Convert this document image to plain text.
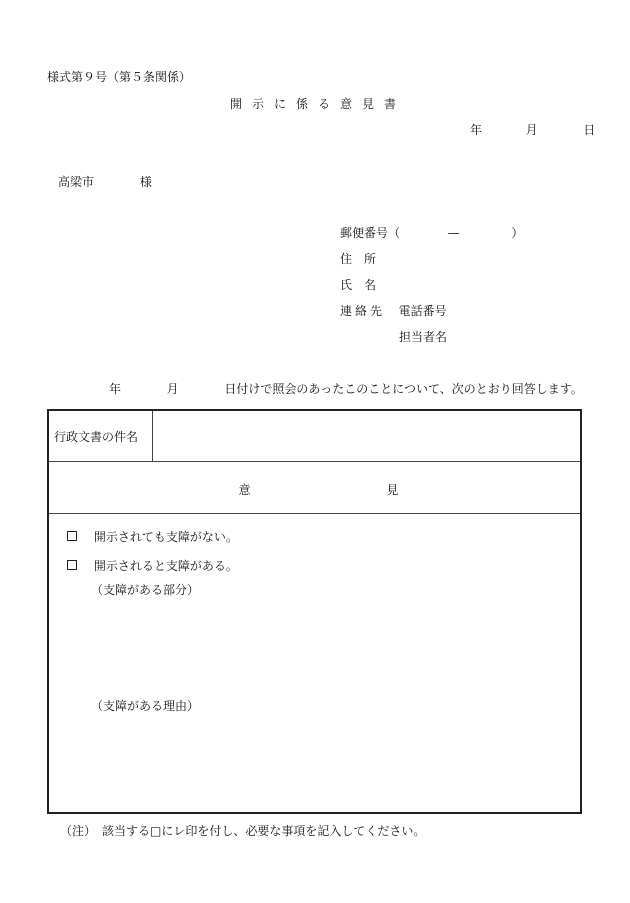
様式第９号（第５条関係）
開示に係る意見書
年	月	日
高梁市	様
郵便番号（	—	）
住　所
氏　名
連絡先 電話番号
担当者名
年	月	日付けで照会のあったこのことについて、次のとおり回答します。
行政文書の件名
意	見
開示されても支障がない。
開示されると支障がある。
（支障がある部分）
（支障がある理由）
（注）　該当する□にレ印を付し、必要な事項を記入してください。
